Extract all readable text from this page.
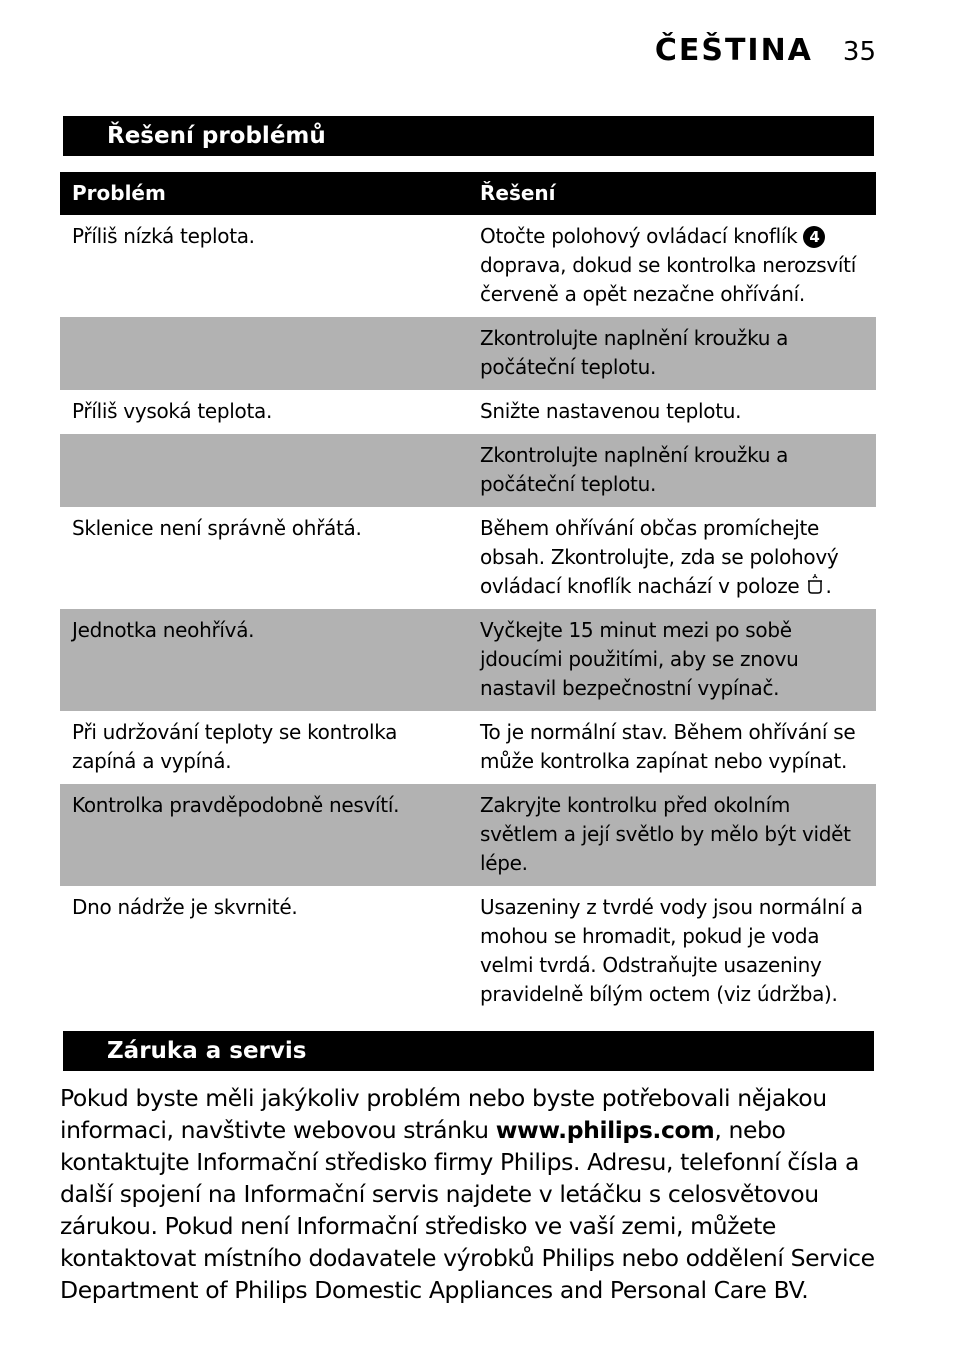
ČEŠTINA 35
Řešení problémů
Problém	Řešení
Příliš nízká teplota.	Otočte polohový ovládací knoflík 4 doprava, dokud se kontrolka nerozsvítí červeně a opět nezačne ohřívání.
	Zkontrolujte naplnění kroužku a počáteční teplotu.
Příliš vysoká teplota.	Snižte nastavenou teplotu.
	Zkontrolujte naplnění kroužku a počáteční teplotu.
Sklenice není správně ohřátá.	Během ohřívání občas promíchejte obsah. Zkontrolujte, zda se polohový ovládací knoflík nachází v poloze .
Jednotka neohřívá.	Vyčkejte 15 minut mezi po sobě jdoucími použitími, aby se znovu nastavil bezpečnostní vypínač.
Při udržování teploty se kontrolka zapíná a vypíná.	To je normální stav. Během ohřívání se může kontrolka zapínat nebo vypínat.
Kontrolka pravděpodobně nesvítí.	Zakryjte kontrolku před okolním světlem a její světlo by mělo být vidět lépe.
Dno nádrže je skvrnité.	Usazeniny z tvrdé vody jsou normální a mohou se hromadit, pokud je voda velmi tvrdá. Odstraňujte usazeniny pravidelně bílým octem (viz údržba).
Záruka a servis
Pokud byste měli jakýkoliv problém nebo byste potřebovali nějakou informaci, navštivte webovou stránku www.philips.com, nebo kontaktujte Informační středisko firmy Philips. Adresu, telefonní čísla a další spojení na Informační servis najdete v letáčku s celosvětovou zárukou. Pokud není Informační středisko ve vaší zemi, můžete kontaktovat místního dodavatele výrobků Philips nebo oddělení Service Department of Philips Domestic Appliances and Personal Care BV.
